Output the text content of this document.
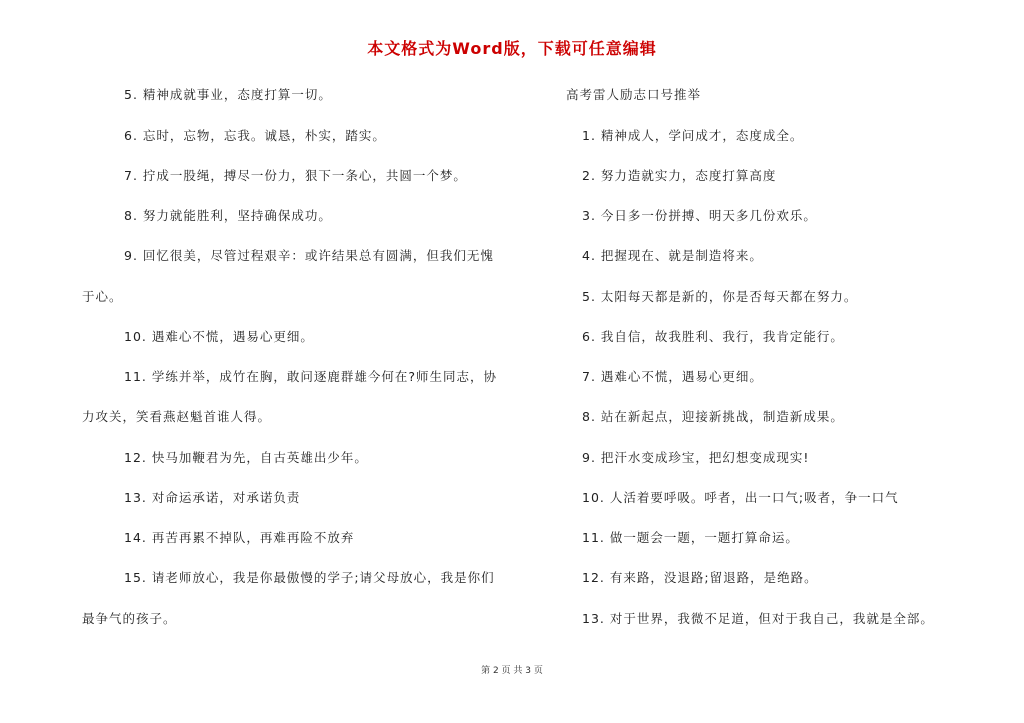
本文格式为Word版，下载可任意编辑
5. 精神成就事业，态度打算一切。
6. 忘时，忘物，忘我。诚恳，朴实，踏实。
7. 拧成一股绳，搏尽一份力，狠下一条心，共圆一个梦。
8. 努力就能胜利，坚持确保成功。
9. 回忆很美，尽管过程艰辛：或许结果总有圆满，但我们无愧
于心。
10. 遇难心不慌，遇易心更细。
11. 学练并举，成竹在胸，敢问逐鹿群雄今何在?师生同志，协
力攻关，笑看燕赵魁首谁人得。
12. 快马加鞭君为先，自古英雄出少年。
13. 对命运承诺，对承诺负责
14. 再苦再累不掉队，再难再险不放弃
15. 请老师放心，我是你最傲慢的学子;请父母放心，我是你们
最争气的孩子。
高考雷人励志口号推举
1. 精神成人，学问成才，态度成全。
2. 努力造就实力，态度打算高度
3. 今日多一份拼搏、明天多几份欢乐。
4. 把握现在、就是制造将来。
5. 太阳每天都是新的，你是否每天都在努力。
6. 我自信，故我胜利、我行，我肯定能行。
7. 遇难心不慌，遇易心更细。
8. 站在新起点，迎接新挑战，制造新成果。
9. 把汗水变成珍宝，把幻想变成现实!
10. 人活着要呼吸。呼者，出一口气;吸者，争一口气
11. 做一题会一题，一题打算命运。
12. 有来路，没退路;留退路，是绝路。
13. 对于世界，我微不足道，但对于我自己，我就是全部。
第 2 页 共 3 页
